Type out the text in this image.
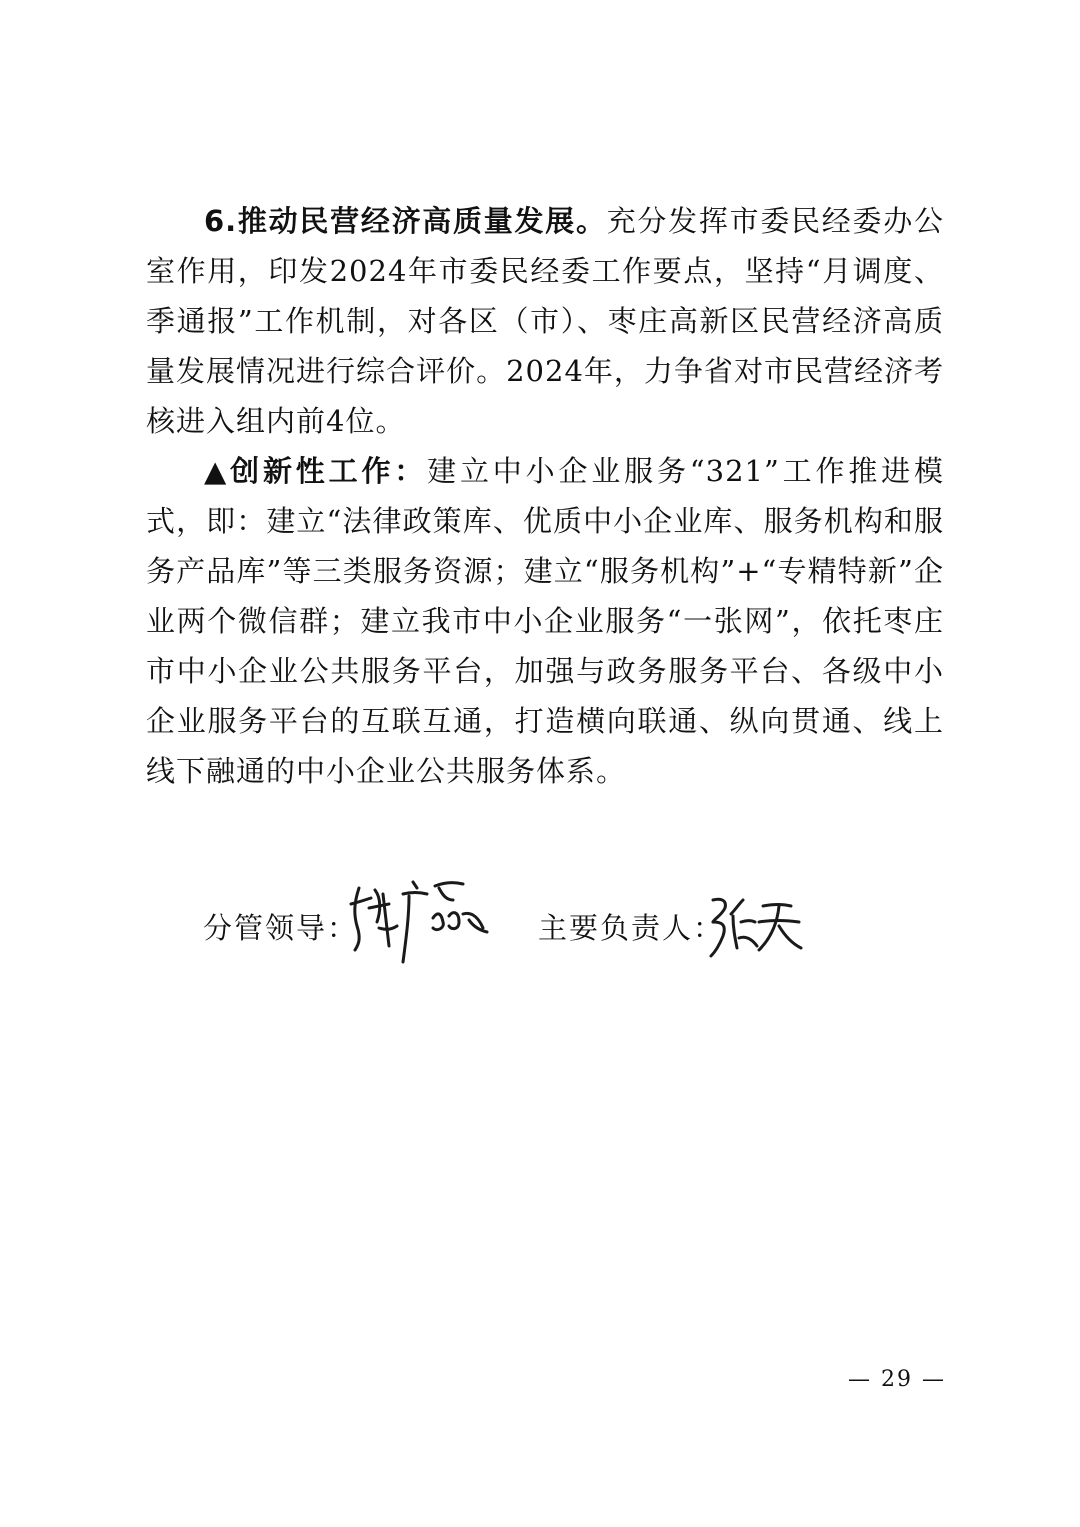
6.推动民营经济高质量发展。充分发挥市委民经委办公室作用，印发2024年市委民经委工作要点，坚持“月调度、季通报”工作机制，对各区（市）、枣庄高新区民营经济高质量发展情况进行综合评价。2024年，力争省对市民营经济考核进入组内前4位。

▲创新性工作：建立中小企业服务“321”工作推进模式，即：建立“法律政策库、优质中小企业库、服务机构和服务产品库”等三类服务资源；建立“服务机构”+“专精特新”企业两个微信群；建立我市中小企业服务“一张网”，依托枣庄市中小企业公共服务平台，加强与政务服务平台、各级中小企业服务平台的互联互通，打造横向联通、纵向贯通、线上线下融通的中小企业公共服务体系。

分管领导：	主要负责人：
— 29 —
